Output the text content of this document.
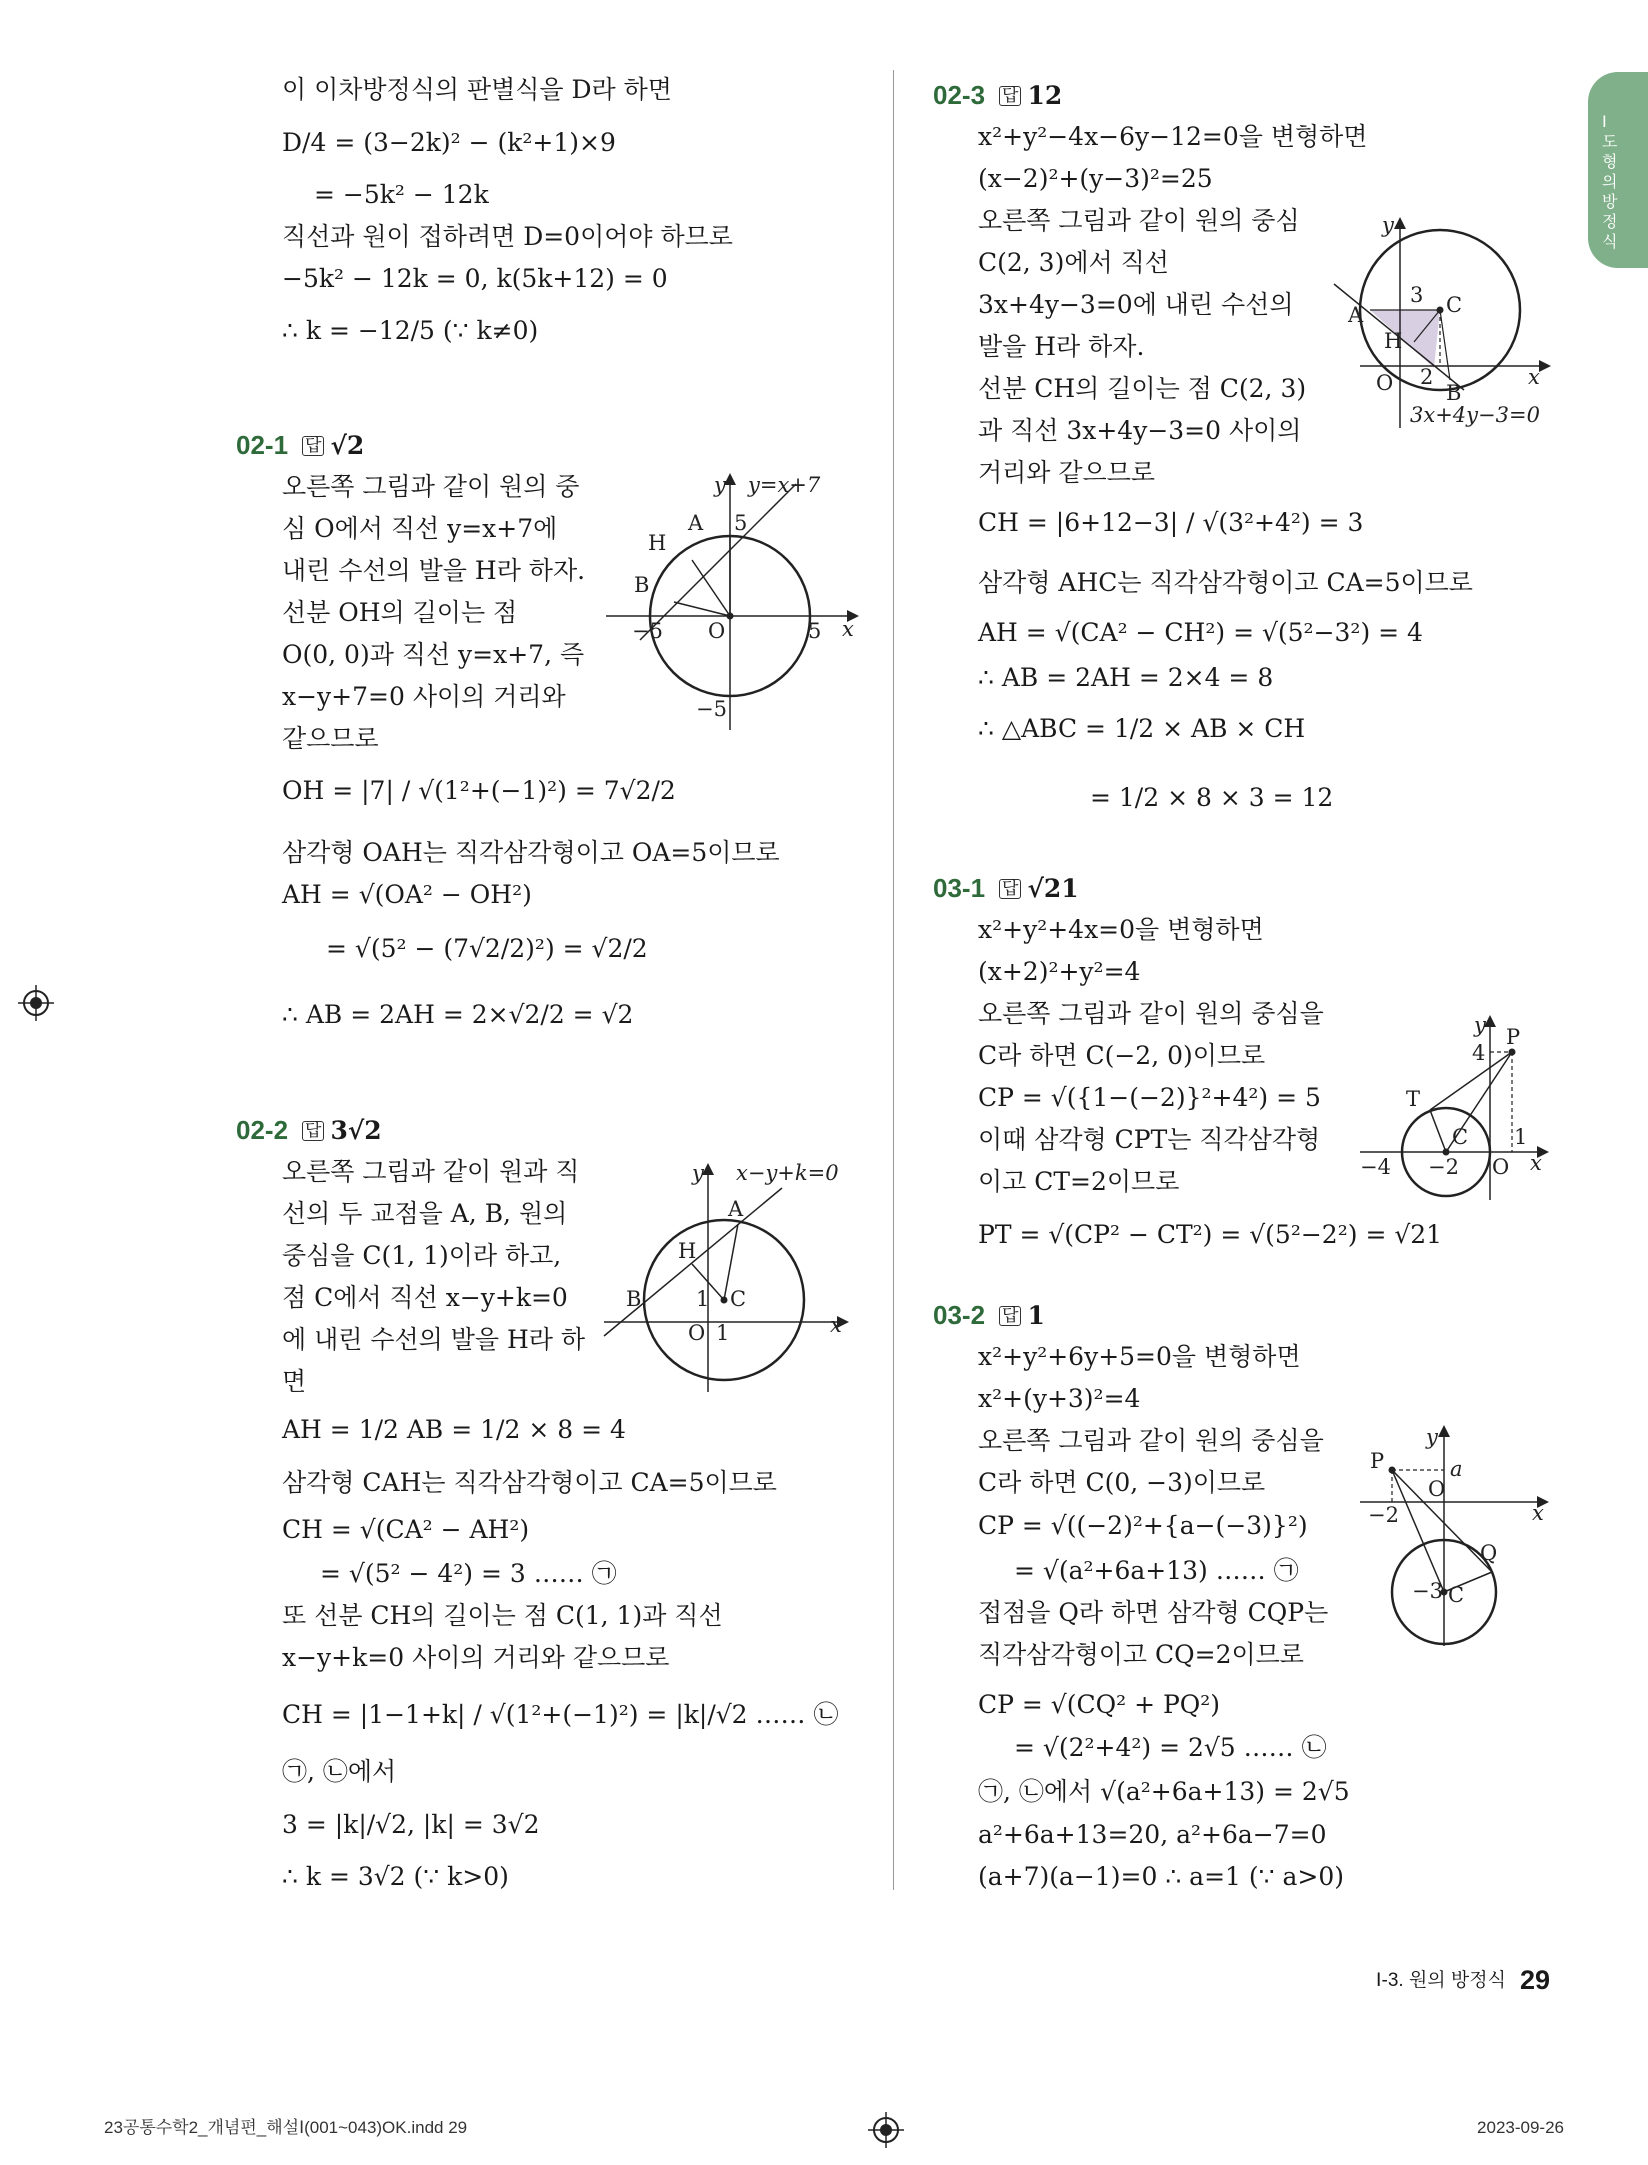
Ⅰ 도형의 방정식
이 이차방정식의 판별식을 D라 하면
D/4 = (3−2k)² − (k²+1)×9
= −5k² − 12k
직선과 원이 접하려면 D=0이어야 하므로
−5k² − 12k = 0, k(5k+12) = 0
∴ k = −12/5 (∵ k≠0)
02-1 답 √2
오른쪽 그림과 같이 원의 중
심 O에서 직선 y=x+7에
내린 수선의 발을 H라 하자.
선분 OH의 길이는 점
O(0, 0)과 직선 y=x+7, 즉
x−y+7=0 사이의 거리와
같으므로
OH = |7| / √(1²+(−1)²) = 7√2/2
삼각형 OAH는 직각삼각형이고 OA=5이므로
AH = √(OA² − OH²)
= √(5² − (7√2/2)²) = √2/2
∴ AB = 2AH = 2×√2/2 = √2
y y=x+7
x
H
A
B
O	5
−5
5
−5
02-2 답 3√2
오른쪽 그림과 같이 원과 직
선의 두 교점을 A, B, 원의
중심을 C(1, 1)이라 하고,
점 C에서 직선 x−y+k=0
에 내린 수선의 발을 H라 하
면
AH = 1/2 AB = 1/2 × 8 = 4
삼각형 CAH는 직각삼각형이고 CA=5이므로
CH = √(CA² − AH²)
= √(5² − 4²) = 3 …… ㉠
또 선분 CH의 길이는 점 C(1, 1)과 직선
x−y+k=0 사이의 거리와 같으므로
CH = |1−1+k| / √(1²+(−1)²) = |k|/√2 …… ㉡
㉠, ㉡에서
3 = |k|/√2, |k| = 3√2
∴ k = 3√2 (∵ k>0)
y x−y+k=0
x
A
H
B	C
O
1
1
02-3 답 12
x²+y²−4x−6y−12=0을 변형하면
(x−2)²+(y−3)²=25
오른쪽 그림과 같이 원의 중심
C(2, 3)에서 직선
3x+4y−3=0에 내린 수선의
발을 H라 하자.
선분 CH의 길이는 점 C(2, 3)
과 직선 3x+4y−3=0 사이의
거리와 같으므로
CH = |6+12−3| / √(3²+4²) = 3
삼각형 AHC는 직각삼각형이고 CA=5이므로
AH = √(CA² − CH²) = √(5²−3²) = 4
∴ AB = 2AH = 2×4 = 8
∴ △ABC = 1/2 × AB × CH
= 1/2 × 8 × 3 = 12
y
x
A
H
C
B
O
3
2
3x+4y−3=0
03-1 답 √21
x²+y²+4x=0을 변형하면
(x+2)²+y²=4
오른쪽 그림과 같이 원의 중심을
C라 하면 C(−2, 0)이므로
CP = √({1−(−2)}²+4²) = 5
이때 삼각형 CPT는 직각삼각형
이고 CT=2이므로
PT = √(CP² − CT²) = √(5²−2²) = √21
y
x
P
4
T
C 1
−4 −2 O
03-2 답 1
x²+y²+6y+5=0을 변형하면
x²+(y+3)²=4
오른쪽 그림과 같이 원의 중심을
C라 하면 C(0, −3)이므로
CP = √((−2)²+{a−(−3)}²)
= √(a²+6a+13) …… ㉠
접점을 Q라 하면 삼각형 CQP는
직각삼각형이고 CQ=2이므로
CP = √(CQ² + PQ²)
= √(2²+4²) = 2√5 …… ㉡
㉠, ㉡에서 √(a²+6a+13) = 2√5
a²+6a+13=20, a²+6a−7=0
(a+7)(a−1)=0 ∴ a=1 (∵ a>0)
y
x
P	a
O
−2
Q
−3 C
Ⅰ-3. 원의 방정식 29
23공통수학2_개념편_해설Ⅰ(001~043)OK.indd 29	2023-09-26
